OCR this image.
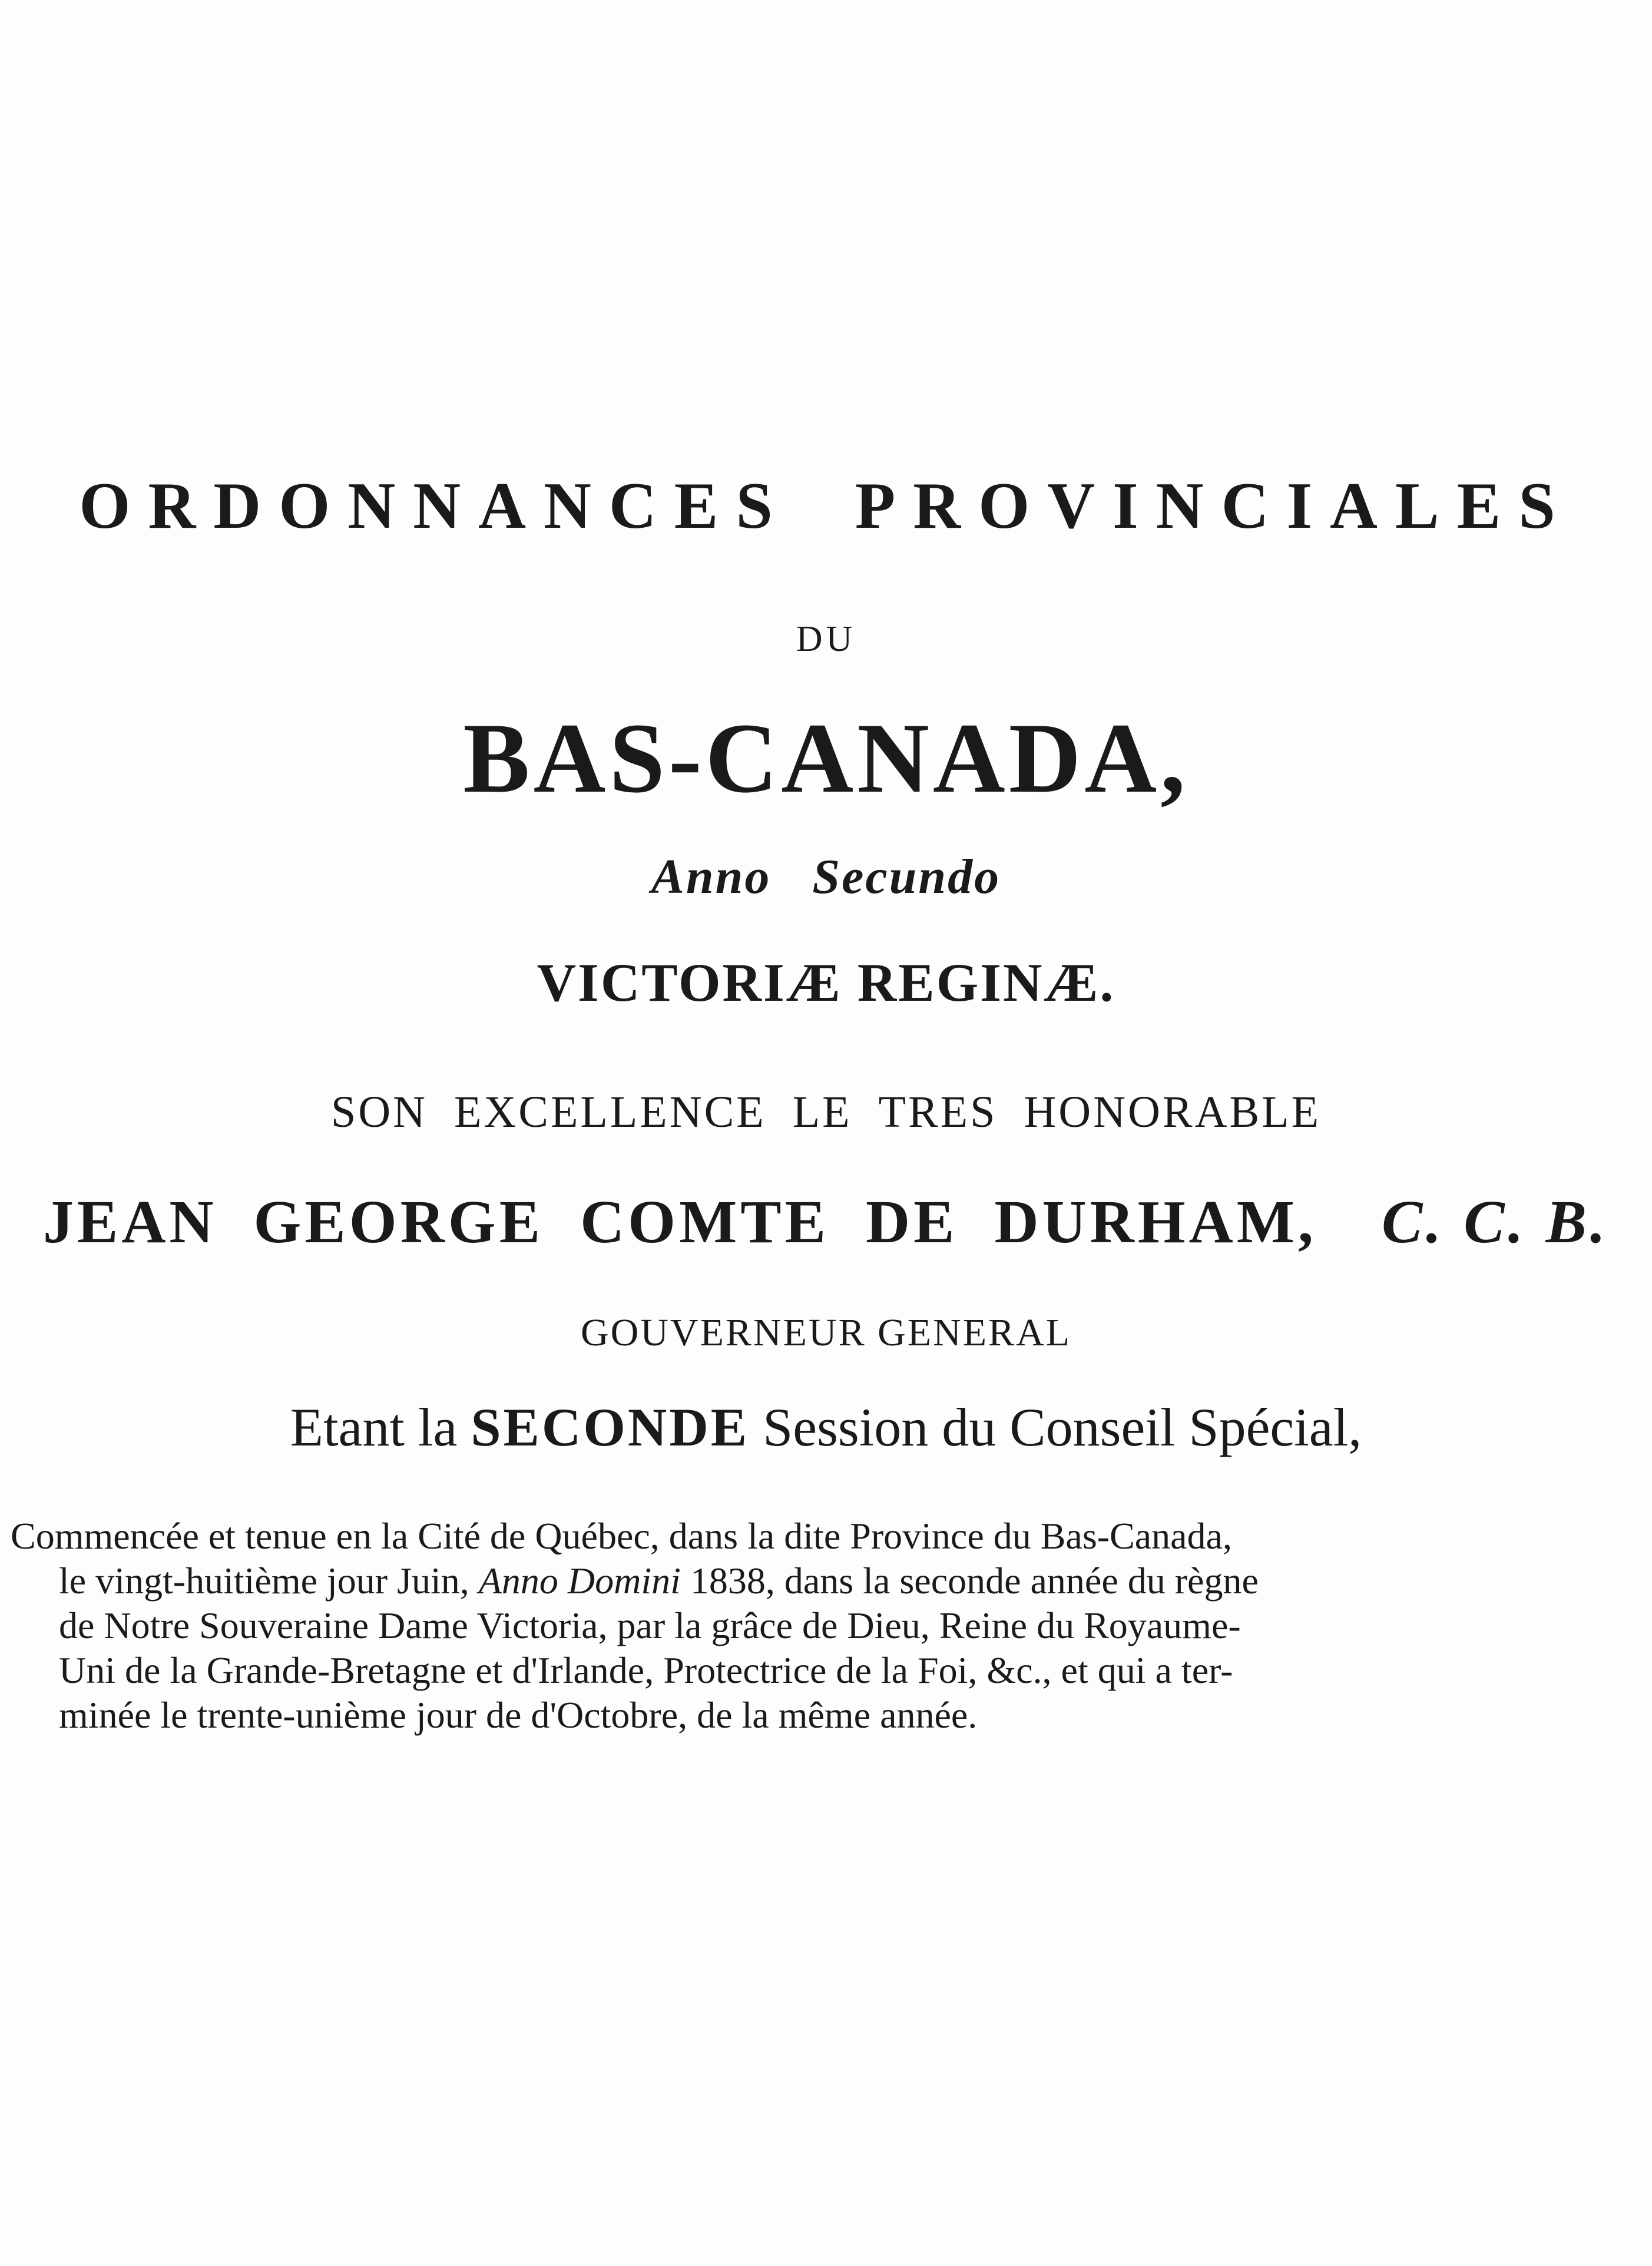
ORDONNANCES PROVINCIALES
DU
BAS-CANADA,
Anno Secundo
VICTORIÆ REGINÆ.
SON EXCELLENCE LE TRES HONORABLE
JEAN GEORGE COMTE DE DURHAM, C. C. B.
GOUVERNEUR GENERAL
Etant la SECONDE Session du Conseil Spécial,
Commencée et tenue en la Cité de Québec, dans la dite Province du Bas-Canada,
le vingt-huitième jour Juin, Anno Domini 1838, dans la seconde année du règne
de Notre Souveraine Dame Victoria, par la grâce de Dieu, Reine du Royaume-
Uni de la Grande-Bretagne et d'Irlande, Protectrice de la Foi, &c., et qui a ter-
minée le trente-unième jour de d'Octobre, de la même année.
